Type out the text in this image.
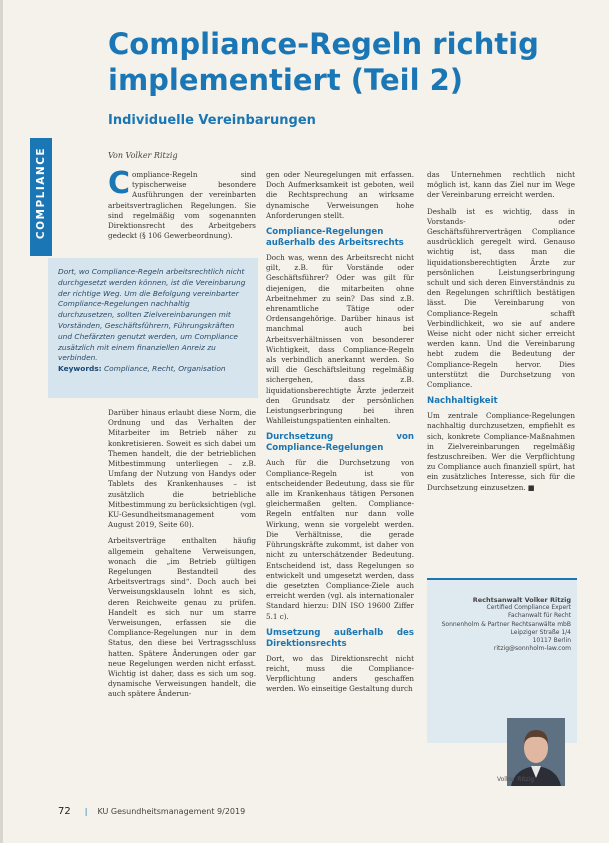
COMPLIANCE
Compliance-Regeln richtig implementiert (Teil 2)
Individuelle Vereinbarungen
Von Volker Ritzig

Compliance-Regeln sind typischerweise besondere Ausführungen der vereinbarten arbeitsvertraglichen Regelungen. Sie sind regelmäßig vom sogenannten Direktionsrecht des Arbeitgebers gedeckt (§ 106 Gewerbeordnung).

Dort, wo Compliance-Regeln arbeitsrechtlich nicht durchgesetzt werden können, ist die Vereinbarung der richtige Weg. Um die Befolgung vereinbarter Compliance-Regelungen nachhaltig durchzusetzen, sollten Zielvereinbarungen mit Vorständen, Geschäftsführern, Führungskräften und Chefärzten genutzt werden, um Compliance zusätzlich mit einem finanziellen Anreiz zu verbinden.
Keywords: Compliance, Recht, Organisation

Darüber hinaus erlaubt diese Norm, die Ordnung und das Verhalten der Mitarbeiter im Betrieb näher zu konkretisieren. Soweit es sich dabei um Themen handelt, die der betrieblichen Mitbestimmung unterliegen – z.B. Umfang der Nutzung von Handys oder Tablets des Krankenhauses – ist zusätzlich die betriebliche Mitbestimmung zu berücksichtigen (vgl. KU-Gesundheitsmanagement vom August 2019, Seite 60).

Arbeitsverträge enthalten häufig allgemein gehaltene Verweisungen, wonach die „im Betrieb gültigen Regelungen Bestandteil des Arbeitsvertrags sind“. Doch auch bei Verweisungsklauseln lohnt es sich, deren Reichweite genau zu prüfen. Handelt es sich nur um starre Verweisungen, erfassen sie die Compliance-Regelungen nur in dem Status, den diese bei Vertragsschluss hatten. Spätere Änderungen oder gar neue Regelungen werden nicht erfasst. Wichtig ist daher, dass es sich um sog. dynamische Verweisungen handelt, die auch spätere Änderun-

gen oder Neuregelungen mit erfassen. Doch Aufmerksamkeit ist geboten, weil die Rechtsprechung an wirksame dynamische Verweisungen hohe Anforderungen stellt.

Compliance-Regelungen außerhalb des Arbeitsrechts

Doch was, wenn des Arbeitsrecht nicht gilt, z.B. für Vorstände oder Geschäftsführer? Oder was gilt für diejenigen, die mitarbeiten ohne Arbeitnehmer zu sein? Das sind z.B. ehrenamtliche Tätige oder Ordensangehörige. Darüber hinaus ist manchmal auch bei Arbeitsverhältnissen von besonderer Wichtigkeit, dass Compliance-Regeln als verbindlich anerkannt werden. So will die Geschäftsleitung regelmäßig sichergehen, dass z.B. liquidationsberechtigte Ärzte jederzeit den Grundsatz der persönlichen Leistungserbringung bei ihren Wahlleistungspatienten einhalten.

Durchsetzung von Compliance-Regelungen

Auch für die Durchsetzung von Compliance-Regeln ist von entscheidender Bedeutung, dass sie für alle im Krankenhaus tätigen Personen gleichermaßen gelten. Compliance-Regeln entfalten nur dann volle Wirkung, wenn sie vorgelebt werden. Die Verhältnisse, die gerade Führungskräfte zukommt, ist daher von nicht zu unterschätzender Bedeutung. Entscheidend ist, dass Regelungen so entwickelt und umgesetzt werden, dass die gesetzten Compliance-Ziele auch erreicht werden (vgl. als internationaler Standard hierzu: DIN ISO 19600 Ziffer 5.1 c).

Umsetzung außerhalb des Direktionsrechts

Dort, wo das Direktionsrecht nicht reicht, muss die Compliance-Verpflichtung anders geschaffen werden. Wo einseitige Gestaltung durch

das Unternehmen rechtlich nicht möglich ist, kann das Ziel nur im Wege der Vereinbarung erreicht werden.

Deshalb ist es wichtig, dass in Vorstands- oder Geschäftsführerverträgen Compliance ausdrücklich geregelt wird. Genauso wichtig ist, dass man die liquidationsberechtigten Ärzte zur persönlichen Leistungserbringung schult und sich deren Einverständnis zu den Regelungen schriftlich bestätigen lässt. Die Vereinbarung von Compliance-Regeln schafft Verbindlichkeit, wo sie auf andere Weise nicht oder nicht sicher erreicht werden kann. Und die Vereinbarung hebt zudem die Bedeutung der Compliance-Regeln hervor. Dies unterstützt die Durchsetzung von Compliance.

Nachhaltigkeit

Um zentrale Compliance-Regelungen nachhaltig durchzusetzen, empfiehlt es sich, konkrete Compliance-Maßnahmen in Zielvereinbarungen regelmäßig festzuschreiben. Wer die Verpflichtung zu Compliance auch finanziell spürt, hat ein zusätzliches Interesse, sich für die Durchsetzung einzusetzen. ■

Rechtsanwalt Volker Ritzig
Certified Compliance Expert
Fachanwalt für Recht
Sonnenholm & Partner Rechtsanwälte mbB
Leipziger Straße 1/4
10117 Berlin
ritzig@sonnholm-law.com
Volker Ritzig
72 | KU Gesundheitsmanagement 9/2019
